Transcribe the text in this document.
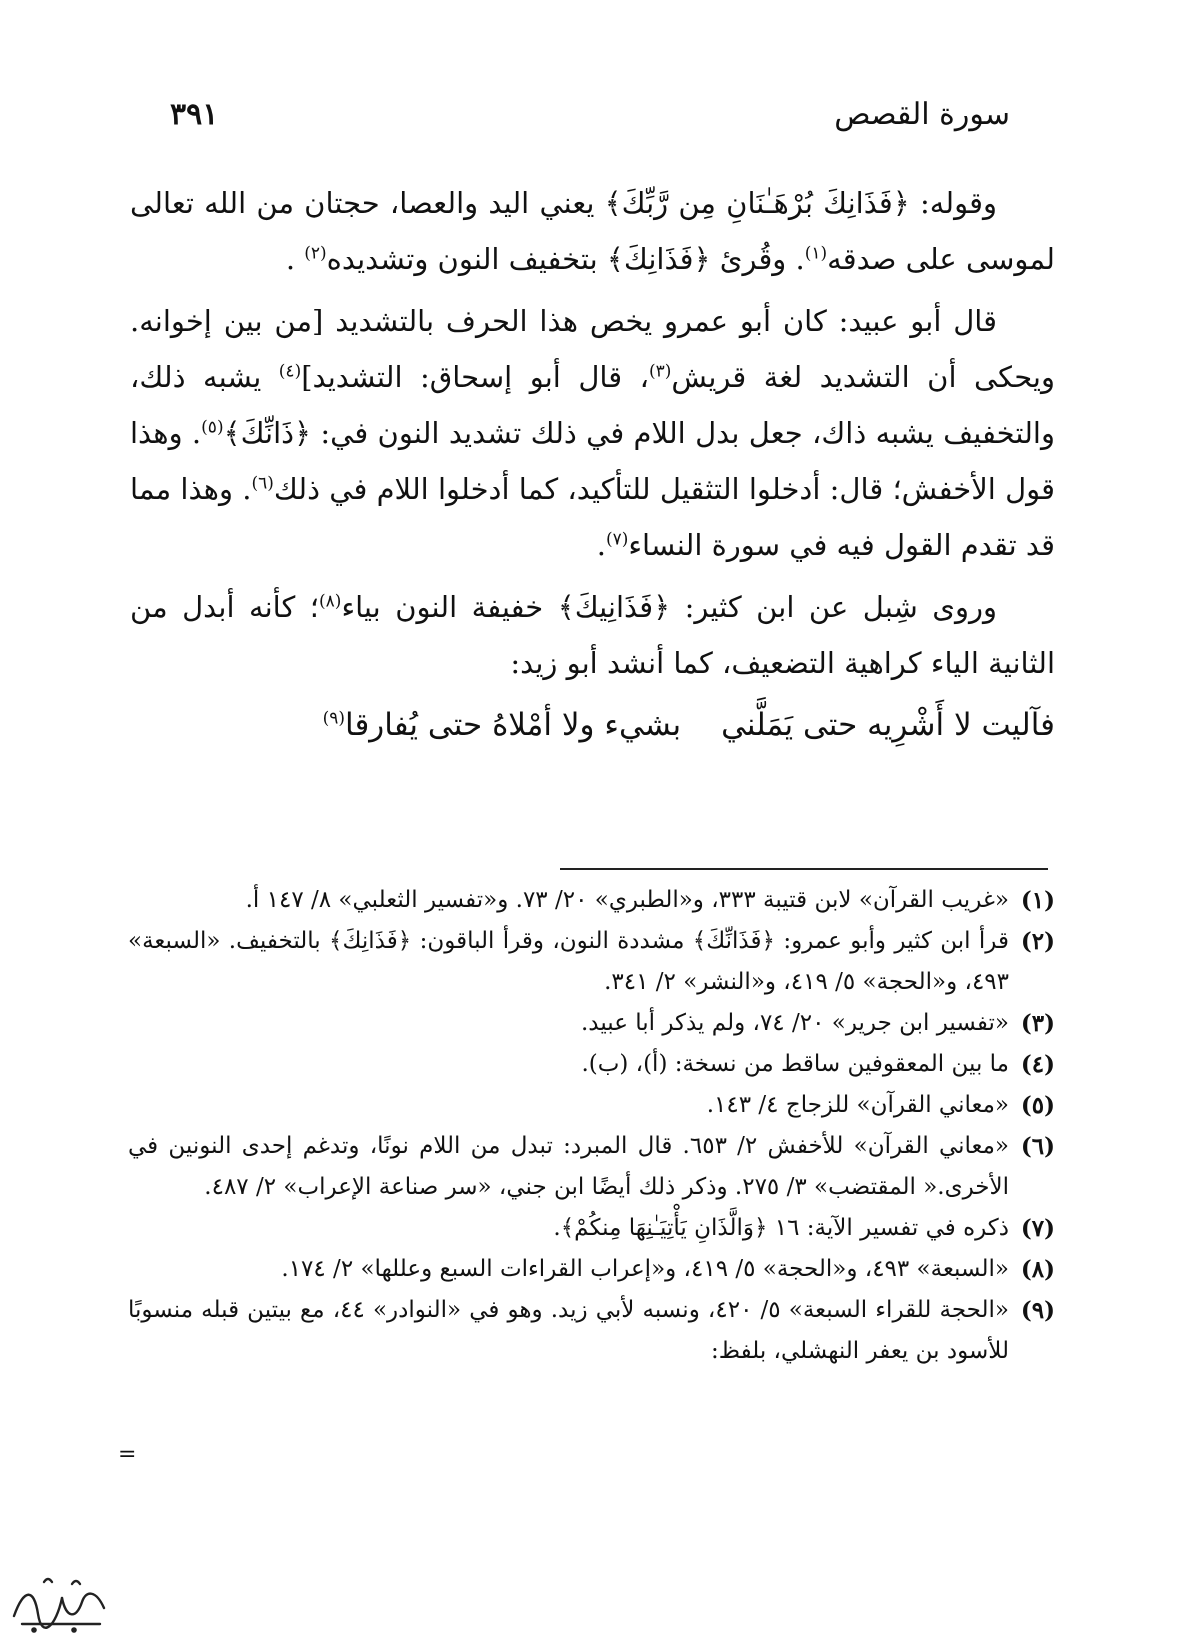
سورة القصص
٣٩١

وقوله: ﴿فَذَانِكَ بُرْهَـٰنَانِ مِن رَّبِّكَ﴾ يعني اليد والعصا، حجتان من الله تعالى لموسى على صدقه$^{(١)}$. وقُرئ ﴿فَذَانِكَ﴾ بتخفيف النون وتشديده$^{(٢)}$ .

قال أبو عبيد: كان أبو عمرو يخص هذا الحرف بالتشديد [من بين إخوانه. ويحكى أن التشديد لغة قريش$^{(٣)}$، قال أبو إسحاق: التشديد]$^{(٤)}$ يشبه ذلك، والتخفيف يشبه ذاك، جعل بدل اللام في ذلك تشديد النون في: ﴿ذَانِّكَ﴾$^{(٥)}$. وهذا قول الأخفش؛ قال: أدخلوا التثقيل للتأكيد، كما أدخلوا اللام في ذلك$^{(٦)}$. وهذا مما قد تقدم القول فيه في سورة النساء$^{(٧)}$.

وروى شِبل عن ابن كثير: ﴿فَذَانِيكَ﴾ خفيفة النون بياء$^{(٨)}$؛ كأنه أبدل من الثانية الياء كراهية التضعيف، كما أنشد أبو زيد:

فآليت لا أَشْرِيه حتى يَمَلَّنيبشيء ولا أمْلاهُ حتى يُفارقا$^{(٩)}$
(١)
«غريب القرآن» لابن قتيبة ٣٣٣، و«الطبري» ٢٠/ ٧٣. و«تفسير الثعلبي» ٨/ ١٤٧ أ.
(٢)
قرأ ابن كثير وأبو عمرو: ﴿فَذَانِّكَ﴾ مشددة النون، وقرأ الباقون: ﴿فَذَانِكَ﴾ بالتخفيف. «السبعة» ٤٩٣، و«الحجة» ٥/ ٤١٩، و«النشر» ٢/ ٣٤١.
(٣)
«تفسير ابن جرير» ٢٠/ ٧٤، ولم يذكر أبا عبيد.
(٤)
ما بين المعقوفين ساقط من نسخة: (أ)، (ب).
(٥)
«معاني القرآن» للزجاج ٤/ ١٤٣.
(٦)
«معاني القرآن» للأخفش ٢/ ٦٥٣. قال المبرد: تبدل من اللام نونًا، وتدغم إحدى النونين في الأخرى.« المقتضب» ٣/ ٢٧٥. وذكر ذلك أيضًا ابن جني، «سر صناعة الإعراب» ٢/ ٤٨٧.
(٧)
ذكره في تفسير الآية: ١٦ ﴿وَالَّذَانِ يَأْتِيَـٰنِهَا مِنكُمْ﴾.
(٨)
«السبعة» ٤٩٣، و«الحجة» ٥/ ٤١٩، و«إعراب القراءات السبع وعللها» ٢/ ١٧٤.
(٩)
«الحجة للقراء السبعة» ٥/ ٤٢٠، ونسبه لأبي زيد. وهو في «النوادر» ٤٤، مع بيتين قبله منسوبًا للأسود بن يعفر النهشلي، بلفظ:
=
